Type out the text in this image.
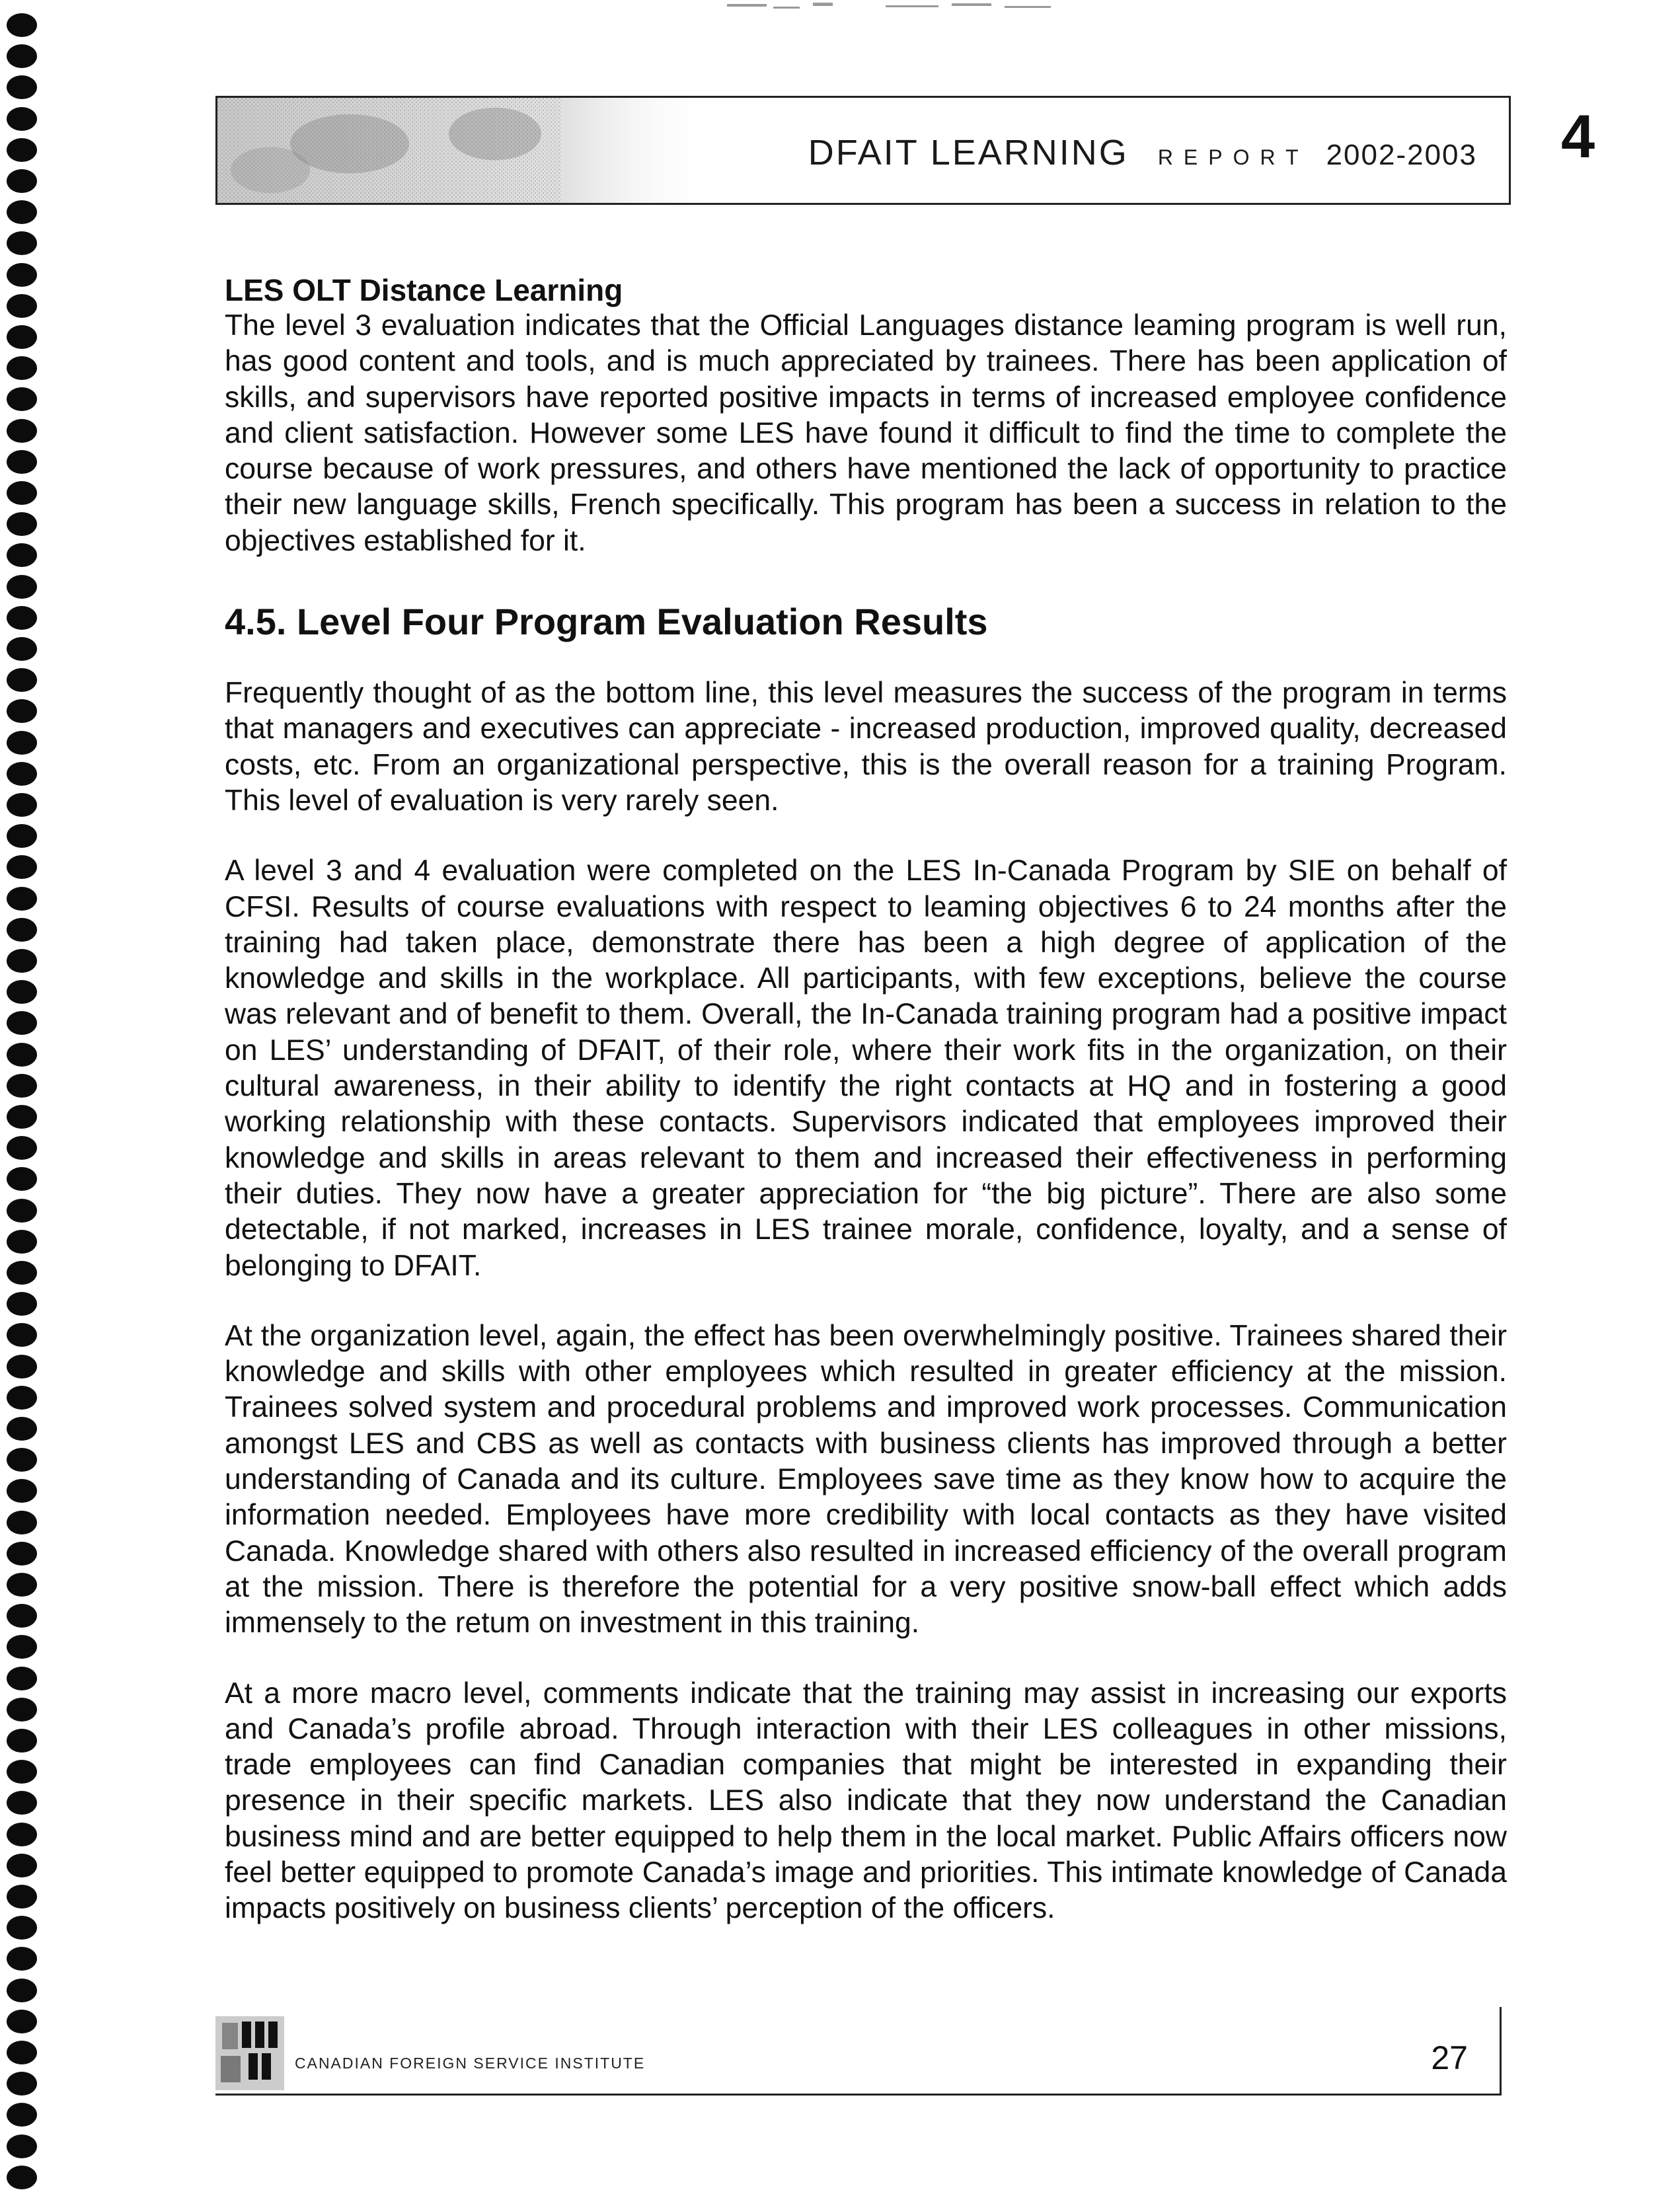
DFAIT LEARNING REPORT 2002-2003 4
LES OLT Distance Learning

The level 3 evaluation indicates that the Official Languages distance leaming program is well run, has good content and tools, and is much appreciated by trainees. There has been application of skills, and supervisors have reported positive impacts in terms of increased employee confidence and client satisfaction. However some LES have found it difficult to find the time to complete the course because of work pressures, and others have mentioned the lack of opportunity to practice their new language skills, French specifically. This program has been a success in relation to the objectives established for it.

4.5. Level Four Program Evaluation Results

Frequently thought of as the bottom line, this level measures the success of the program in terms that managers and executives can appreciate - increased production, improved quality, decreased costs, etc. From an organizational perspective, this is the overall reason for a training Program. This level of evaluation is very rarely seen.

A level 3 and 4 evaluation were completed on the LES In-Canada Program by SIE on behalf of CFSI. Results of course evaluations with respect to leaming objectives 6 to 24 months after the training had taken place, demonstrate there has been a high degree of application of the knowledge and skills in the workplace. All participants, with few exceptions, believe the course was relevant and of benefit to them. Overall, the In-Canada training program had a positive impact on LES’ understanding of DFAIT, of their role, where their work fits in the organization, on their cultural awareness, in their ability to identify the right contacts at HQ and in fostering a good working relationship with these contacts. Supervisors indicated that employees improved their knowledge and skills in areas relevant to them and increased their effectiveness in performing their duties. They now have a greater appreciation for “the big picture”. There are also some detectable, if not marked, increases in LES trainee morale, confidence, loyalty, and a sense of belonging to DFAIT.

At the organization level, again, the effect has been overwhelmingly positive. Trainees shared their knowledge and skills with other employees which resulted in greater efficiency at the mission. Trainees solved system and procedural problems and improved work processes. Communication amongst LES and CBS as well as contacts with business clients has improved through a better understanding of Canada and its culture. Employees save time as they know how to acquire the information needed. Employees have more credibility with local contacts as they have visited Canada. Knowledge shared with others also resulted in increased efficiency of the overall program at the mission. There is therefore the potential for a very positive snow-ball effect which adds immensely to the retum on investment in this training.

At a more macro level, comments indicate that the training may assist in increasing our exports and Canada’s profile abroad. Through interaction with their LES colleagues in other missions, trade employees can find Canadian companies that might be interested in expanding their presence in their specific markets. LES also indicate that they now understand the Canadian business mind and are better equipped to help them in the local market. Public Affairs officers now feel better equipped to promote Canada’s image and priorities. This intimate knowledge of Canada impacts positively on business clients’ perception of the officers.

CANADIAN FOREIGN SERVICE INSTITUTE	27
